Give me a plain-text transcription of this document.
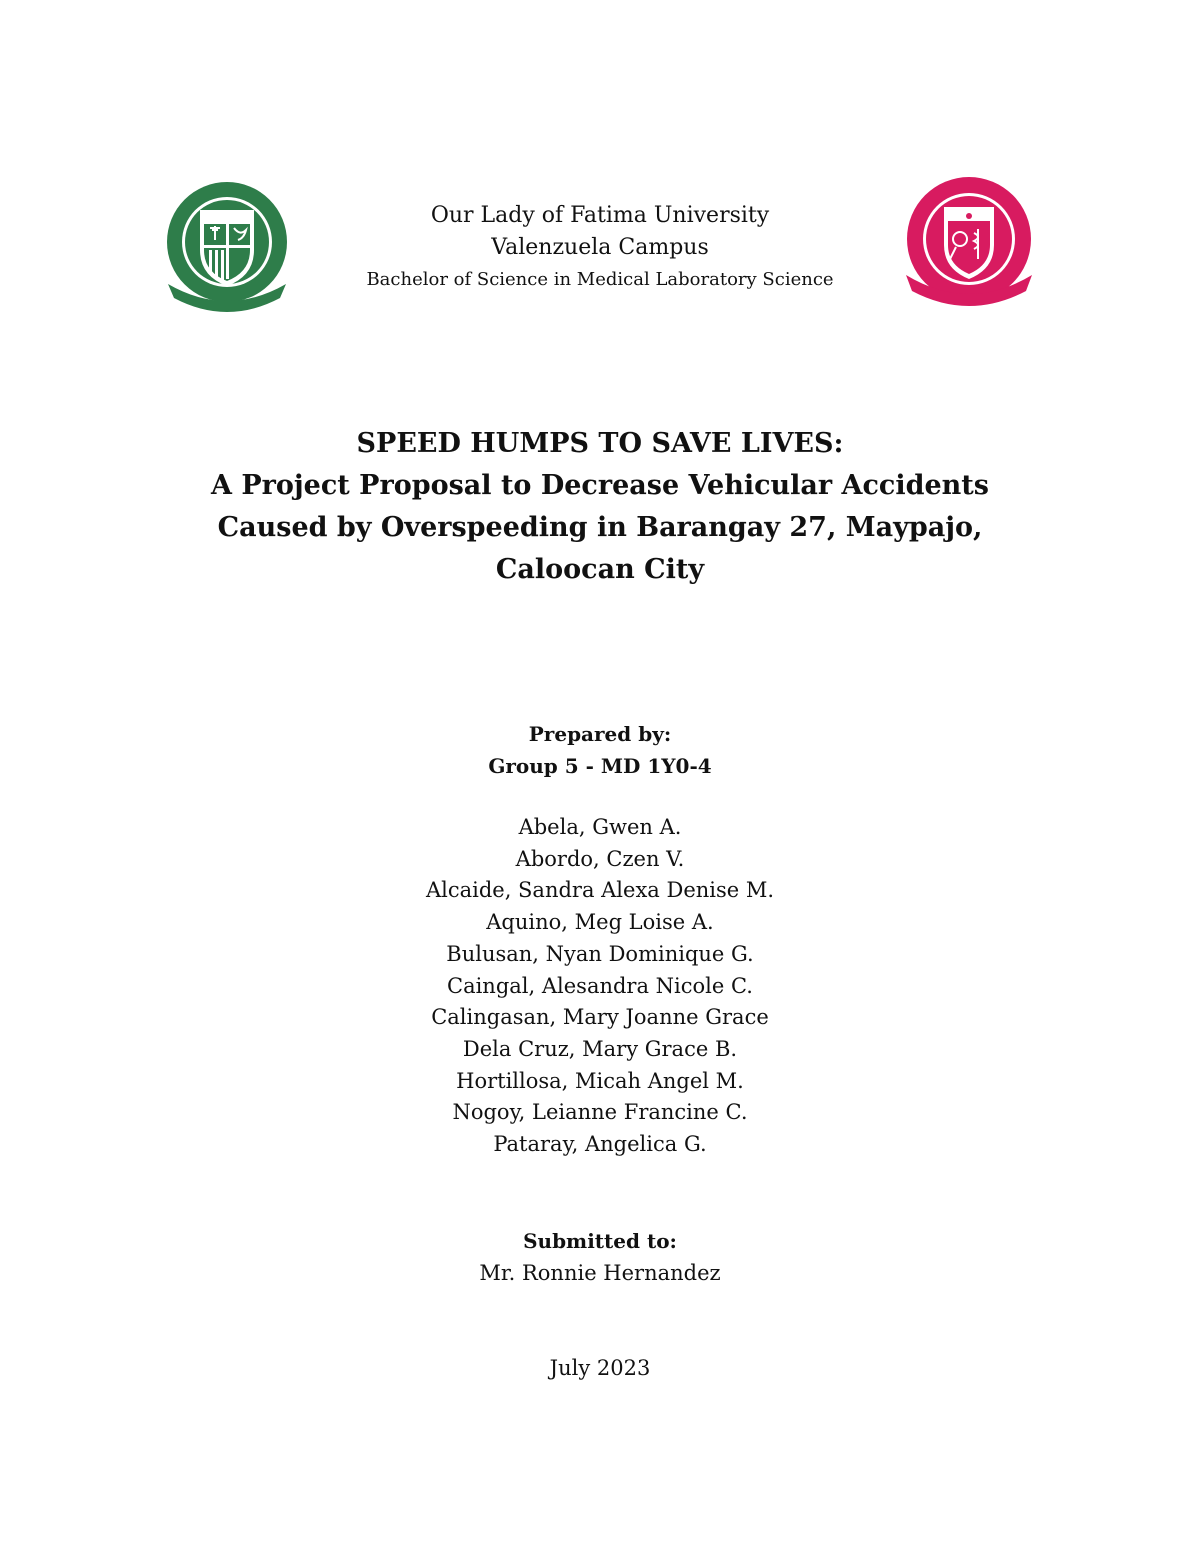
Our Lady of Fatima University
Valenzuela Campus
Bachelor of Science in Medical Laboratory Science
SPEED HUMPS TO SAVE LIVES:
A Project Proposal to Decrease Vehicular Accidents
Caused by Overspeeding in Barangay 27, Maypajo,
Caloocan City
Prepared by:
Group 5 - MD 1Y0-4
Abela, Gwen A.
Abordo, Czen V.
Alcaide, Sandra Alexa Denise M.
Aquino, Meg Loise A.
Bulusan, Nyan Dominique G.
Caingal, Alesandra Nicole C.
Calingasan, Mary Joanne Grace
Dela Cruz, Mary Grace B.
Hortillosa, Micah Angel M.
Nogoy, Leianne Francine C.
Pataray, Angelica G.
Submitted to:
Mr. Ronnie Hernandez
July 2023
